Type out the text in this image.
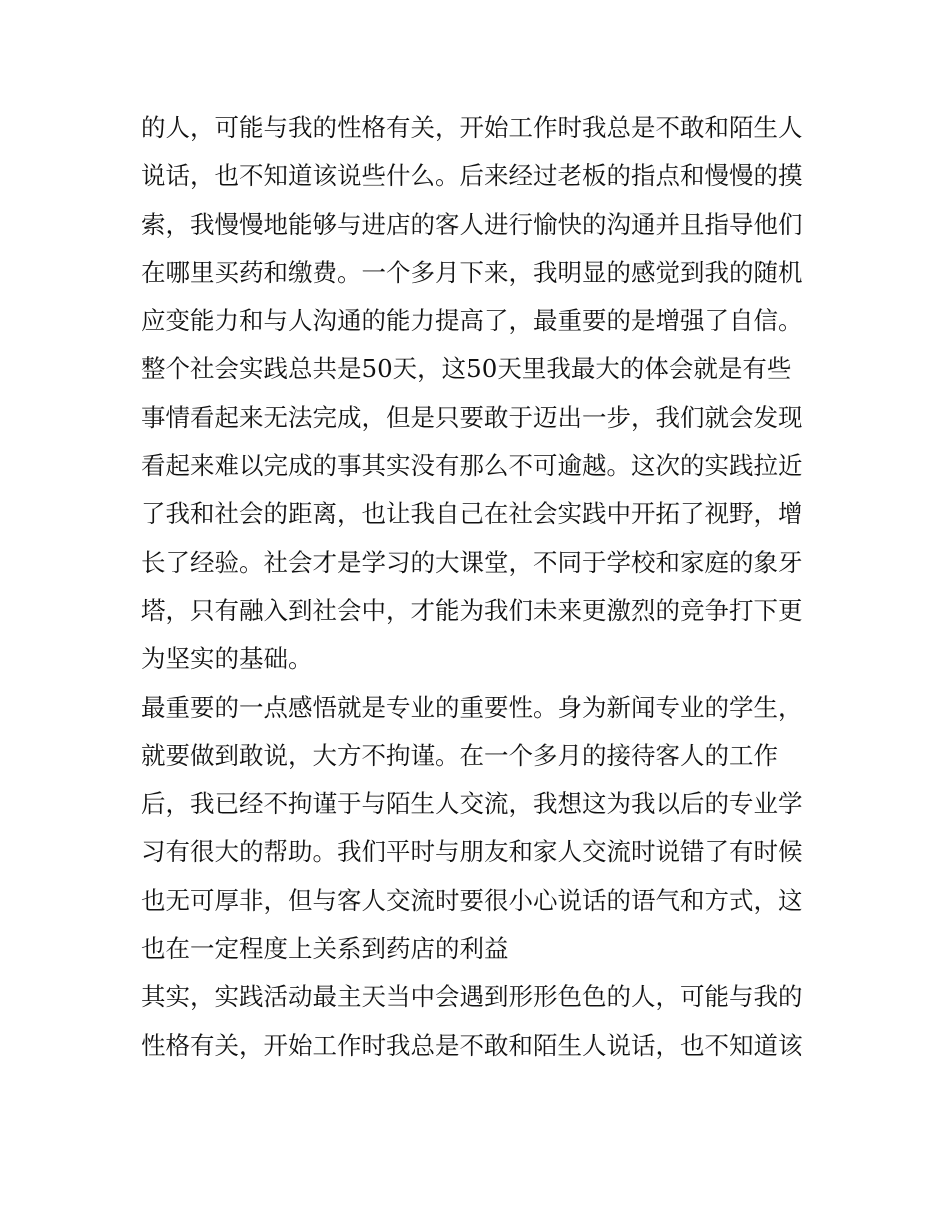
的人，可能与我的性格有关，开始工作时我总是不敢和陌生人
说话，也不知道该说些什么。后来经过老板的指点和慢慢的摸
索，我慢慢地能够与进店的客人进行愉快的沟通并且指导他们
在哪里买药和缴费。一个多月下来，我明显的感觉到我的随机
应变能力和与人沟通的能力提高了，最重要的是增强了自信。
整个社会实践总共是50天，这50天里我最大的体会就是有些
事情看起来无法完成，但是只要敢于迈出一步，我们就会发现
看起来难以完成的事其实没有那么不可逾越。这次的实践拉近
了我和社会的距离，也让我自己在社会实践中开拓了视野，增
长了经验。社会才是学习的大课堂，不同于学校和家庭的象牙
塔，只有融入到社会中，才能为我们未来更激烈的竞争打下更
为坚实的基础。
最重要的一点感悟就是专业的重要性。身为新闻专业的学生，
就要做到敢说，大方不拘谨。在一个多月的接待客人的工作
后，我已经不拘谨于与陌生人交流，我想这为我以后的专业学
习有很大的帮助。我们平时与朋友和家人交流时说错了有时候
也无可厚非，但与客人交流时要很小心说话的语气和方式，这
也在一定程度上关系到药店的利益
其实，实践活动最主天当中会遇到形形色色的人，可能与我的
性格有关，开始工作时我总是不敢和陌生人说话，也不知道该
